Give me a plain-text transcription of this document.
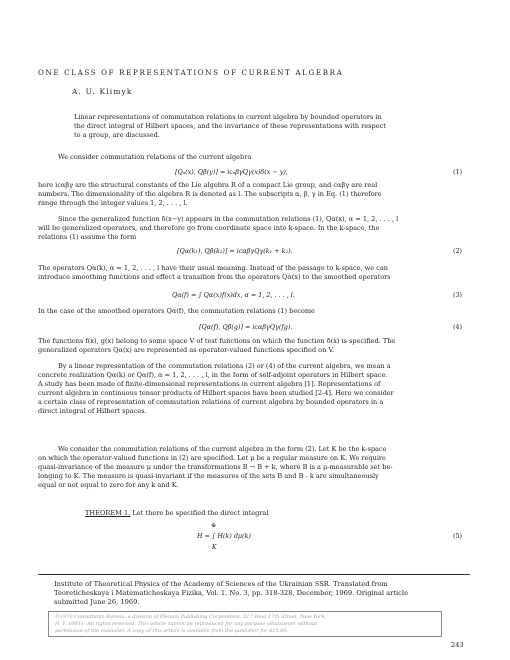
ONE CLASS OF REPRESENTATIONS OF CURRENT ALGEBRA
A. U. Klimyk
Linear representations of commutation relations in current algebra by bounded operators in
the direct integral of Hilbert spaces, and the invariance of these representations with respect
to a group, are discussed.
We consider commutation relations of the current algebra
[Qₐ(x), Qβ(y)] = icₐβγQγ(x)δ(x − y),	(1)
here icαβγ are the structural constants of the Lie algebra R of a compact Lie group, and cαβγ are real
numbers. The dimensionality of the algebra R is denoted as l. The subscripts α, β, γ in Eq. (1) therefore
range through the integer values 1, 2, . . . , l.
Since the generalized function δ(x−y) appears in the commutation relations (1), Qα(x), α = 1, 2, . . . , l
will be generalized operators, and therefore go from coordinate space into k-space. In the k-space, the
relations (1) assume the form
[Qα(k₁), Qβ(k₂)] = icαβγQγ(k₁ + k₂).	(2)
The operators Qα(k), α = 1, 2, . . . , l have their usual meaning. Instead of the passage to k-space, we can
introduce smoothing functions and effect a transition from the operators Qα(x) to the smoothed operators
Qα(f) = ∫ Qα(x)f(x)dx, α = 1, 2, . . . , l.	(3)
In the case of the smoothed operators Qα(f), the commutation relations (1) become
[Qα(f), Qβ(g)] = icαβγQγ(fg).	(4)
The functions f(x), g(x) belong to some space V of test functions on which the function δ(x) is specified. The
generalized operators Qα(x) are represented as operator-valued functions specified on V.
By a linear representation of the commutation relations (2) or (4) of the current algebra, we mean a
concrete realization Qα(k) or Qα(f), α = 1, 2, . . . , l, in the form of self-adjoint operators in Hilbert space.
A study has been made of finite-dimensional representations in current algebra [1]. Representations of
current algebra in continuous tensor products of Hilbert spaces have been studied [2-4]. Here we consider
a certain class of representation of commutation relations of current algebra by bounded operators in a
direct integral of Hilbert spaces.
We consider the commutation relations of the current algebra in the form (2). Let K be the k-space
on which the operator-valued functions in (2) are specified. Let μ be a regular measure on K. We require
quasi-invariance of the measure μ under the transformations B → B + k, where B is a μ-measurable set be-
longing to K. The measure is quasi-invariant if the measures of the sets B and B - k are simultaneously
equal or not equal to zero for any k and K.
THEOREM 1. Let there be specified the direct integral
⊕
H = ∫ H(k) dμ(k)
K
(5)
Institute of Theoretical Physics of the Academy of Sciences of the Ukrainian SSR. Translated from
Teoreticheskaya i Matematicheskaya Fizika, Vol. 1, No. 3, pp. 318-328, December, 1969. Original article
submitted June 26, 1969.
©1970 Consultants Bureau, a division of Plenum Publishing Corporation, 227 West 17th Street, New York,
N. Y. 10011. All rights reserved. This article cannot be reproduced for any purpose whatsoever without
permission of the publisher. A copy of this article is available from the publisher for $15.00.
243
